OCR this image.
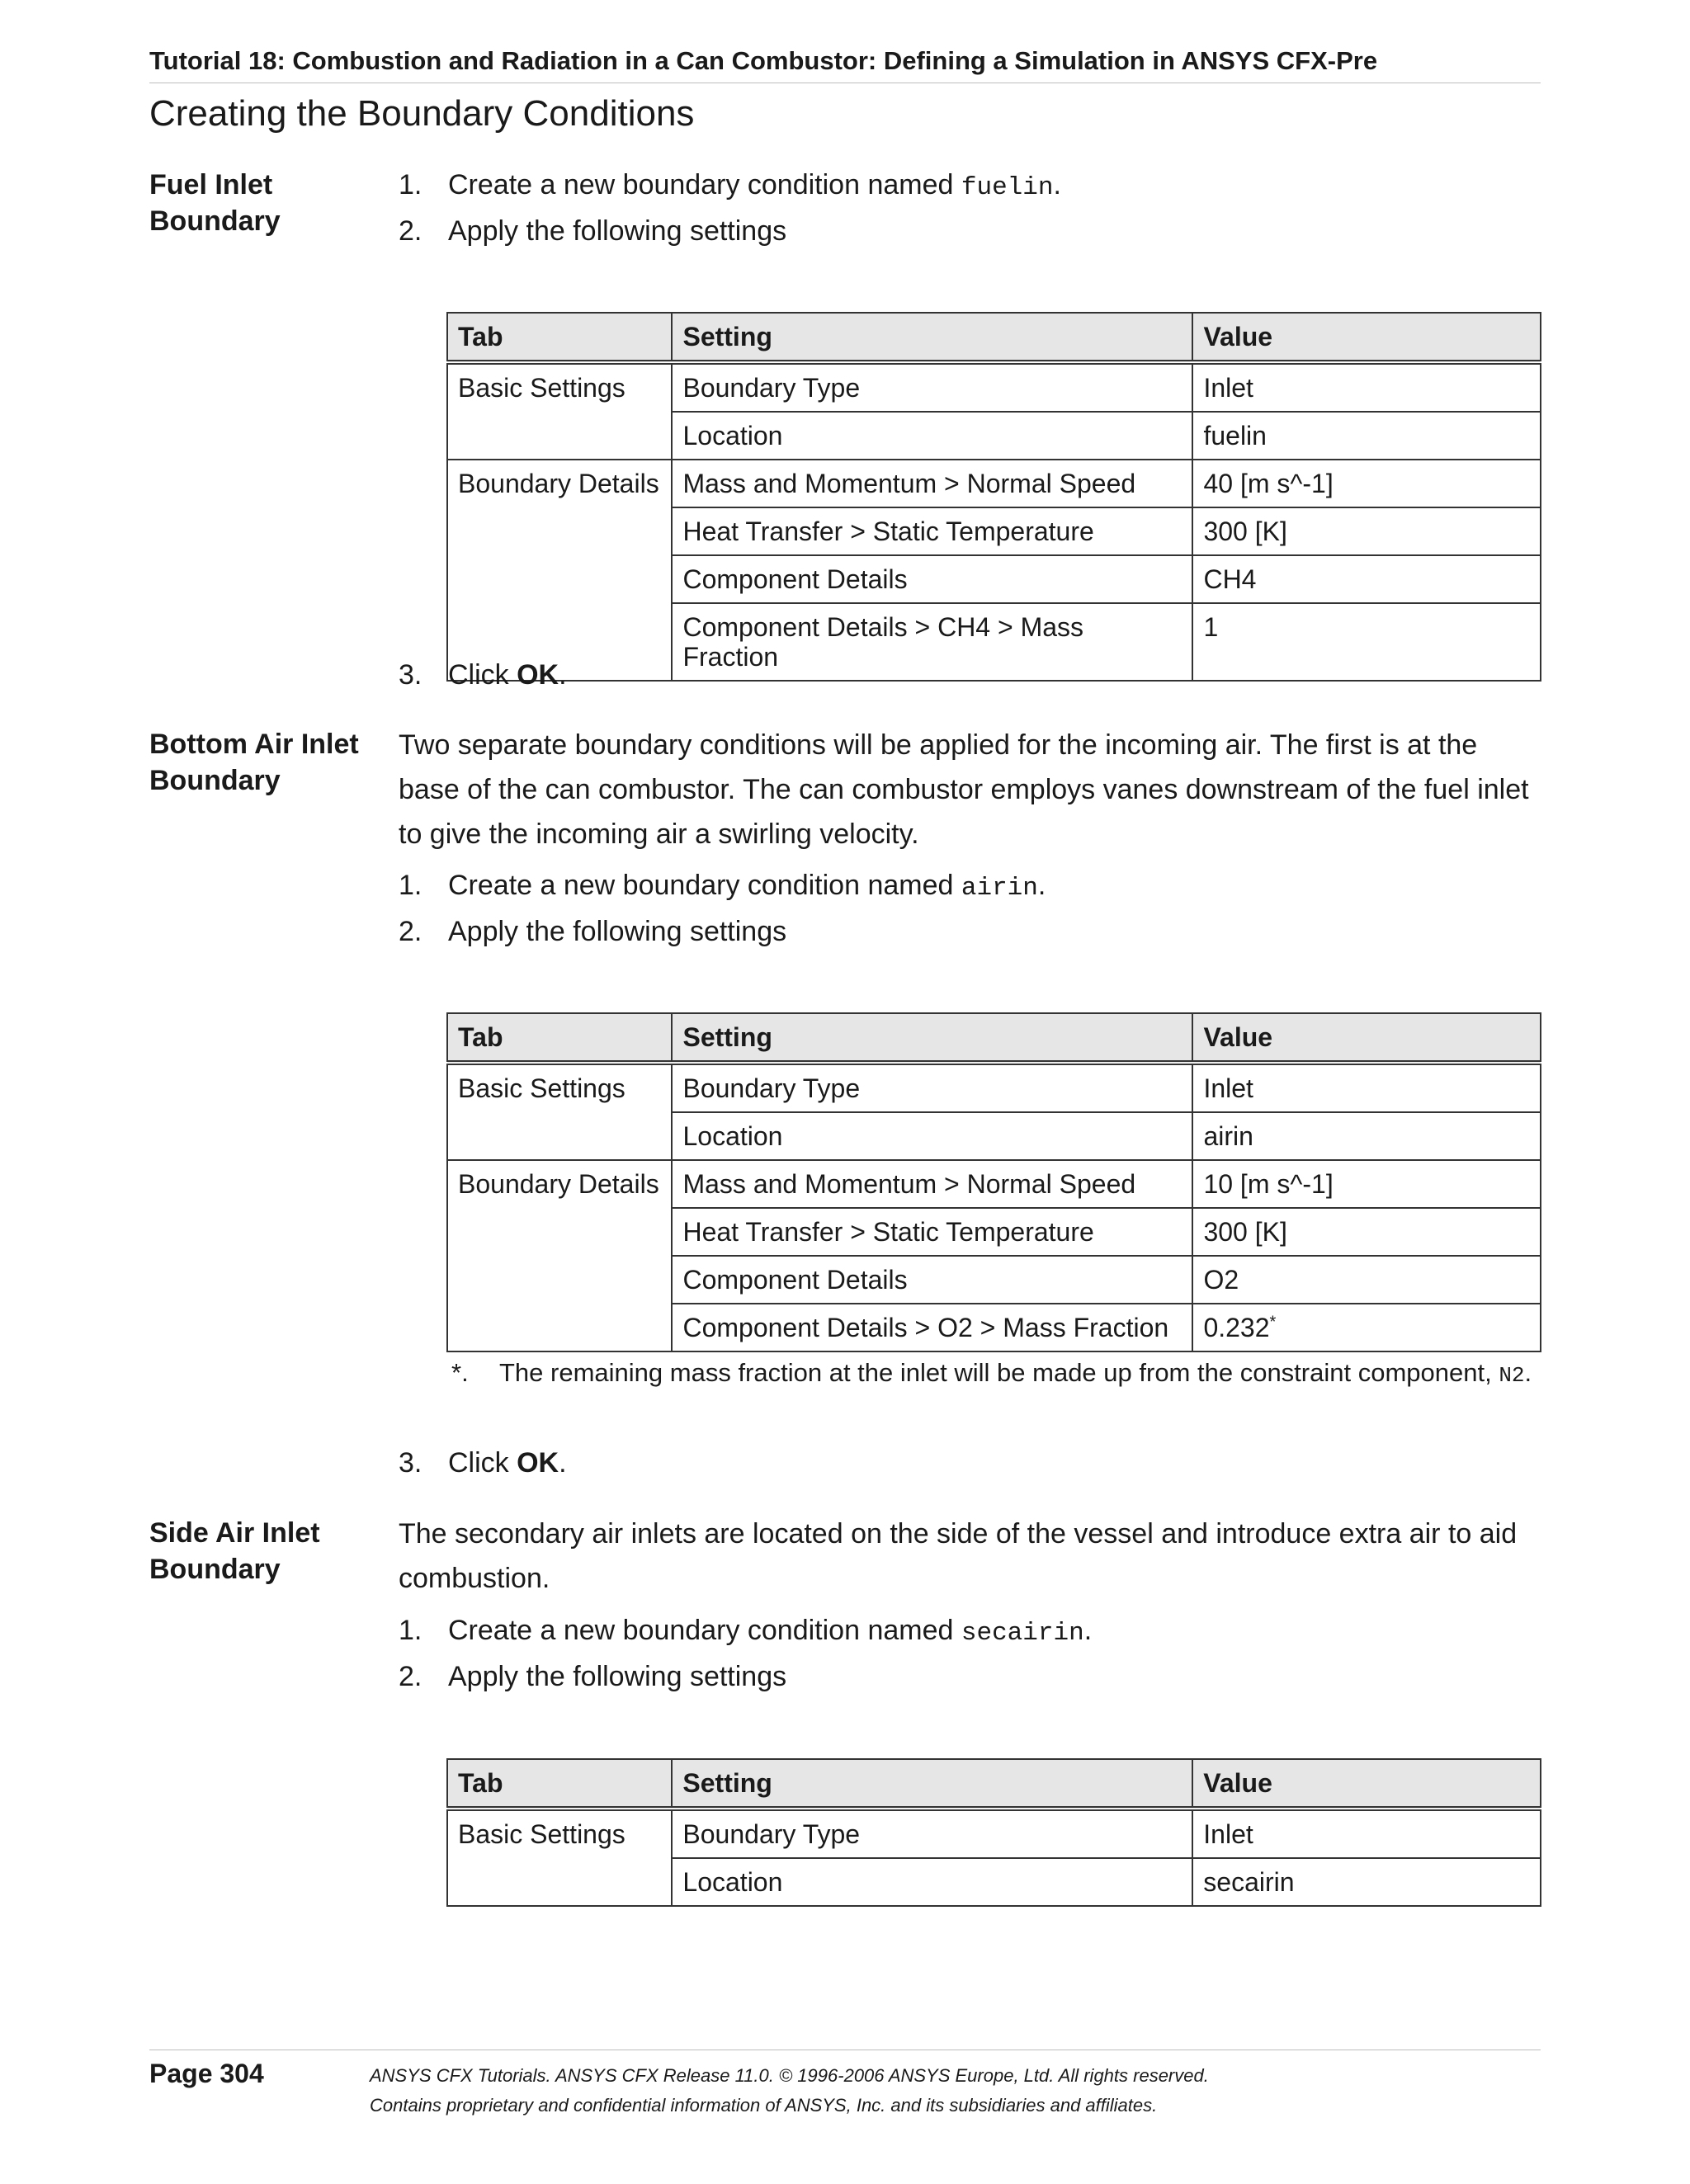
Tutorial 18: Combustion and Radiation in a Can Combustor: Defining a Simulation in ANSYS CFX-Pre
Creating the Boundary Conditions
Fuel Inlet
Boundary
1. Create a new boundary condition named fuelin.
2. Apply the following settings
Tab	Setting	Value
Basic Settings	Boundary Type	Inlet
	Location	fuelin
Boundary Details	Mass and Momentum > Normal Speed	40 [m s^-1]
	Heat Transfer > Static Temperature	300 [K]
	Component Details	CH4
	Component Details > CH4 > Mass Fraction	1
3. Click OK.
Bottom Air Inlet
Boundary
Two separate boundary conditions will be applied for the incoming air. The first is at the base of the can combustor. The can combustor employs vanes downstream of the fuel inlet to give the incoming air a swirling velocity.
1. Create a new boundary condition named airin.
2. Apply the following settings
Tab	Setting	Value
Basic Settings	Boundary Type	Inlet
	Location	airin
Boundary Details	Mass and Momentum > Normal Speed	10 [m s^-1]
	Heat Transfer > Static Temperature	300 [K]
	Component Details	O2
	Component Details > O2 > Mass Fraction	0.232*
*. The remaining mass fraction at the inlet will be made up from the constraint component, N2.
3. Click OK.
Side Air Inlet
Boundary
The secondary air inlets are located on the side of the vessel and introduce extra air to aid combustion.
1. Create a new boundary condition named secairin.
2. Apply the following settings
Tab	Setting	Value
Basic Settings	Boundary Type	Inlet
	Location	secairin
Page 304	ANSYS CFX Tutorials. ANSYS CFX Release 11.0. © 1996-2006 ANSYS Europe, Ltd. All rights reserved.
Contains proprietary and confidential information of ANSYS, Inc. and its subsidiaries and affiliates.
